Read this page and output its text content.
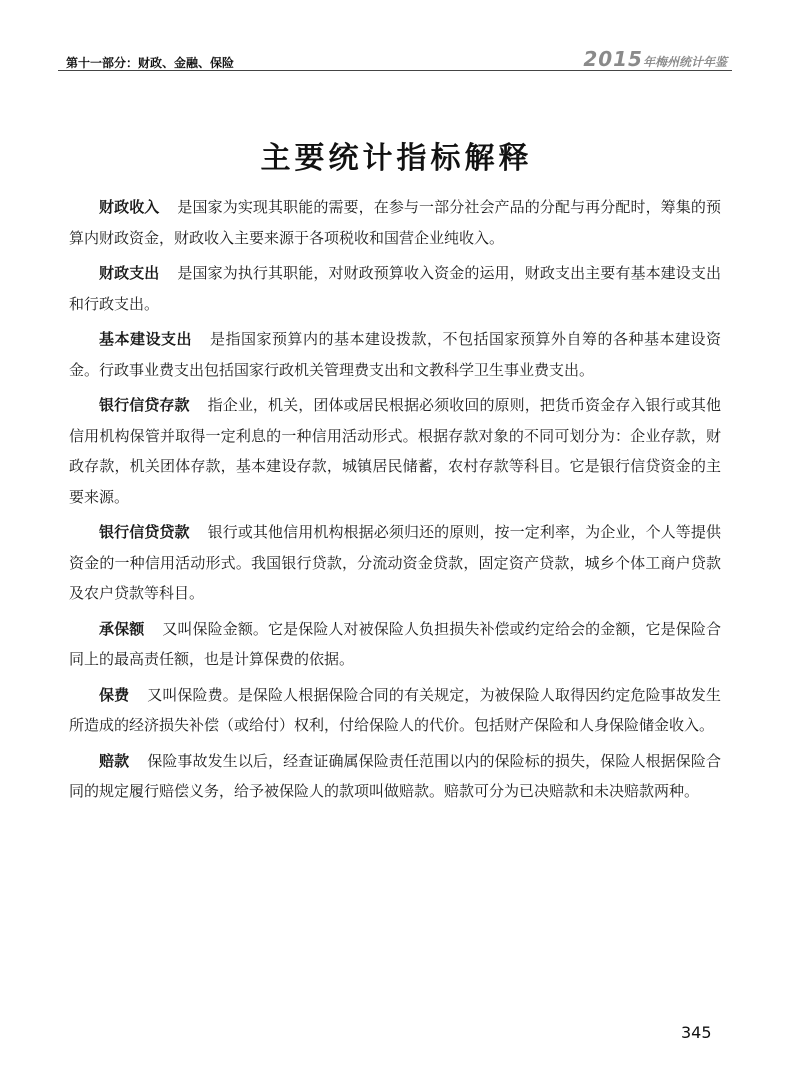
第十一部分：财政、金融、保险	2015年梅州统计年鉴
主要统计指标解释

财政收入 是国家为实现其职能的需要，在参与一部分社会产品的分配与再分配时，筹集的预算内财政资金，财政收入主要来源于各项税收和国营企业纯收入。

财政支出 是国家为执行其职能，对财政预算收入资金的运用，财政支出主要有基本建设支出和行政支出。

基本建设支出 是指国家预算内的基本建设拨款，不包括国家预算外自筹的各种基本建设资金。行政事业费支出包括国家行政机关管理费支出和文教科学卫生事业费支出。

银行信贷存款 指企业，机关，团体或居民根据必须收回的原则，把货币资金存入银行或其他信用机构保管并取得一定利息的一种信用活动形式。根据存款对象的不同可划分为：企业存款，财政存款，机关团体存款，基本建设存款，城镇居民储蓄，农村存款等科目。它是银行信贷资金的主要来源。

银行信贷贷款 银行或其他信用机构根据必须归还的原则，按一定利率，为企业，个人等提供资金的一种信用活动形式。我国银行贷款，分流动资金贷款，固定资产贷款，城乡个体工商户贷款及农户贷款等科目。

承保额 又叫保险金额。它是保险人对被保险人负担损失补偿或约定给会的金额，它是保险合同上的最高责任额，也是计算保费的依据。

保费 又叫保险费。是保险人根据保险合同的有关规定，为被保险人取得因约定危险事故发生所造成的经济损失补偿（或给付）权利，付给保险人的代价。包括财产保险和人身保险储金收入。

赔款 保险事故发生以后，经查证确属保险责任范围以内的保险标的损失，保险人根据保险合同的规定履行赔偿义务，给予被保险人的款项叫做赔款。赔款可分为已决赔款和未决赔款两种。

345
